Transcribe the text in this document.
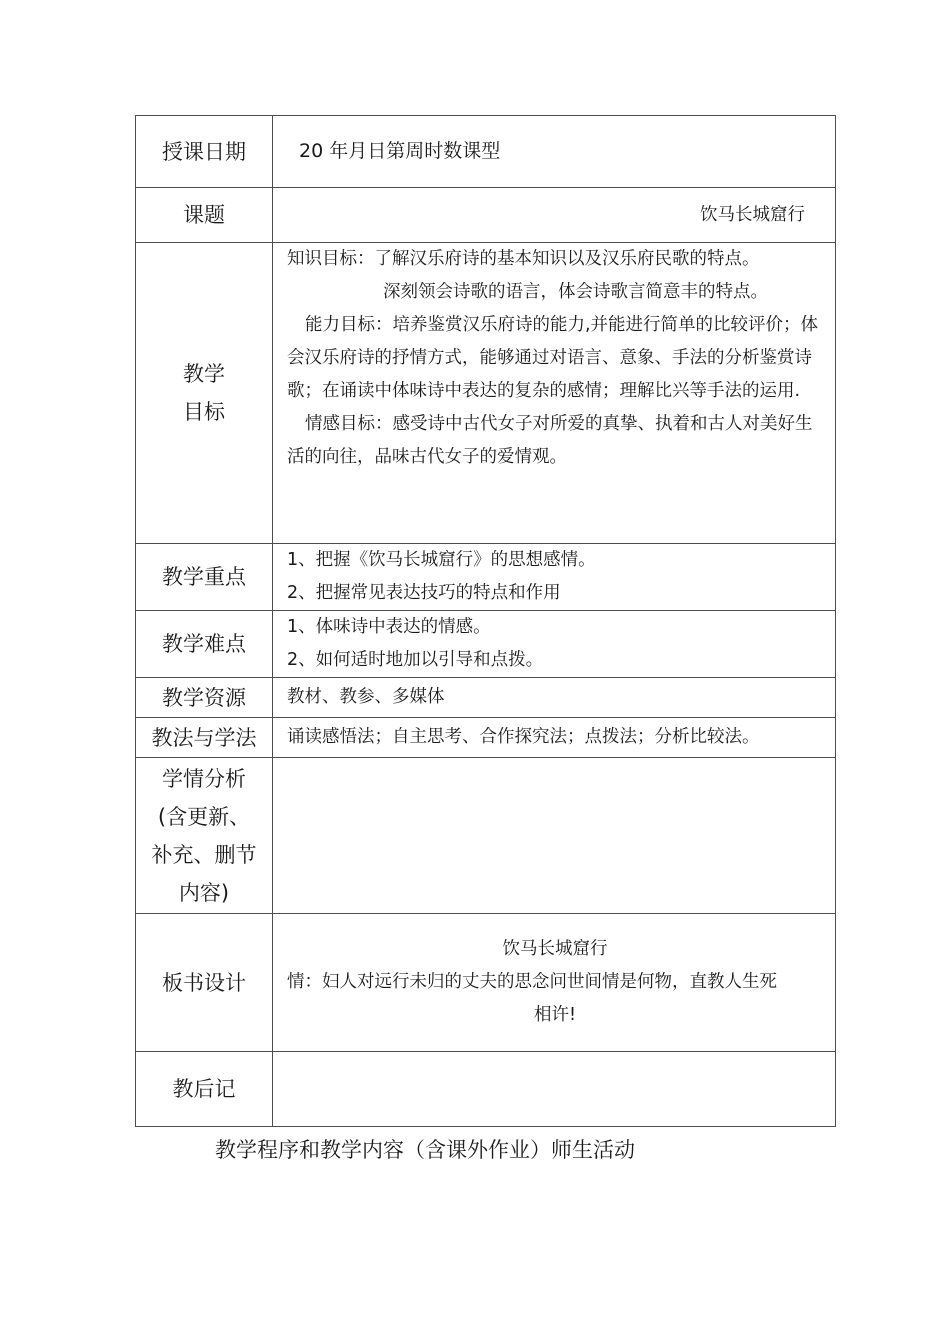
授课日期	20 年月日第周时数课型
课题	饮马长城窟行

教学
目标	知识目标：了解汉乐府诗的基本知识以及汉乐府民歌的特点。
深刻领会诗歌的语言，体会诗歌言简意丰的特点。
能力目标：培养鉴赏汉乐府诗的能力,并能进行简单的比较评价；体会汉乐府诗的抒情方式，能够通过对语言、意象、手法的分析鉴赏诗歌；在诵读中体味诗中表达的复杂的感情；理解比兴等手法的运用.
情感目标：感受诗中古代女子对所爱的真挚、执着和古人对美好生活的向往，品味古代女子的爱情观。

教学重点	1、把握《饮马长城窟行》的思想感情。
2、把握常见表达技巧的特点和作用

教学难点	1、体味诗中表达的情感。
2、如何适时地加以引导和点拨。

教学资源	教材、教参、多媒体
教法与学法	诵读感悟法；自主思考、合作探究法；点拨法；分析比较法。

学情分析
(含更新、
补充、删节
内容)	

板书设计	饮马长城窟行
情：妇人对远行未归的丈夫的思念问世间情是何物，直教人生死
相许!

教后记	
教学程序和教学内容（含课外作业）师生活动
